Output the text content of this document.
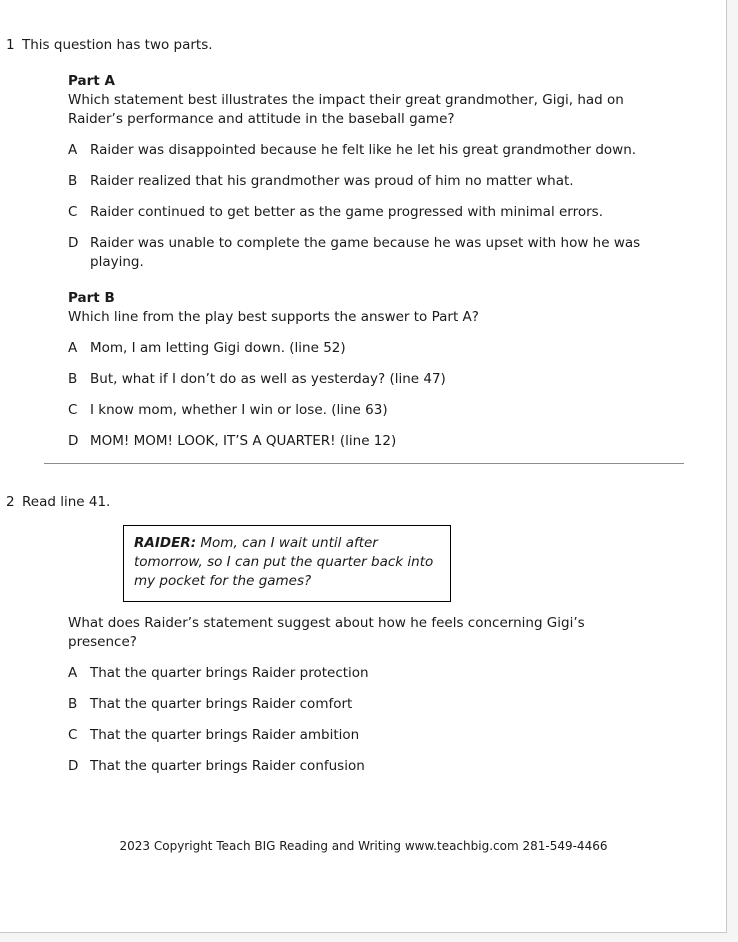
1 This question has two parts.
Part A
Which statement best illustrates the impact their great grandmother, Gigi, had on Raider’s performance and attitude in the baseball game?
A Raider was disappointed because he felt like he let his great grandmother down.
B Raider realized that his grandmother was proud of him no matter what.
C Raider continued to get better as the game progressed with minimal errors.
D Raider was unable to complete the game because he was upset with how he was playing.
Part B
Which line from the play best supports the answer to Part A?
A Mom, I am letting Gigi down. (line 52)
B But, what if I don’t do as well as yesterday? (line 47)
C I know mom, whether I win or lose. (line 63)
D MOM! MOM! LOOK, IT’S A QUARTER! (line 12)
2 Read line 41.
RAIDER: Mom, can I wait until after tomorrow, so I can put the quarter back into my pocket for the games?
What does Raider’s statement suggest about how he feels concerning Gigi’s presence?
A That the quarter brings Raider protection
B That the quarter brings Raider comfort
C That the quarter brings Raider ambition
D That the quarter brings Raider confusion
2023 Copyright Teach BIG Reading and Writing www.teachbig.com 281-549-4466
